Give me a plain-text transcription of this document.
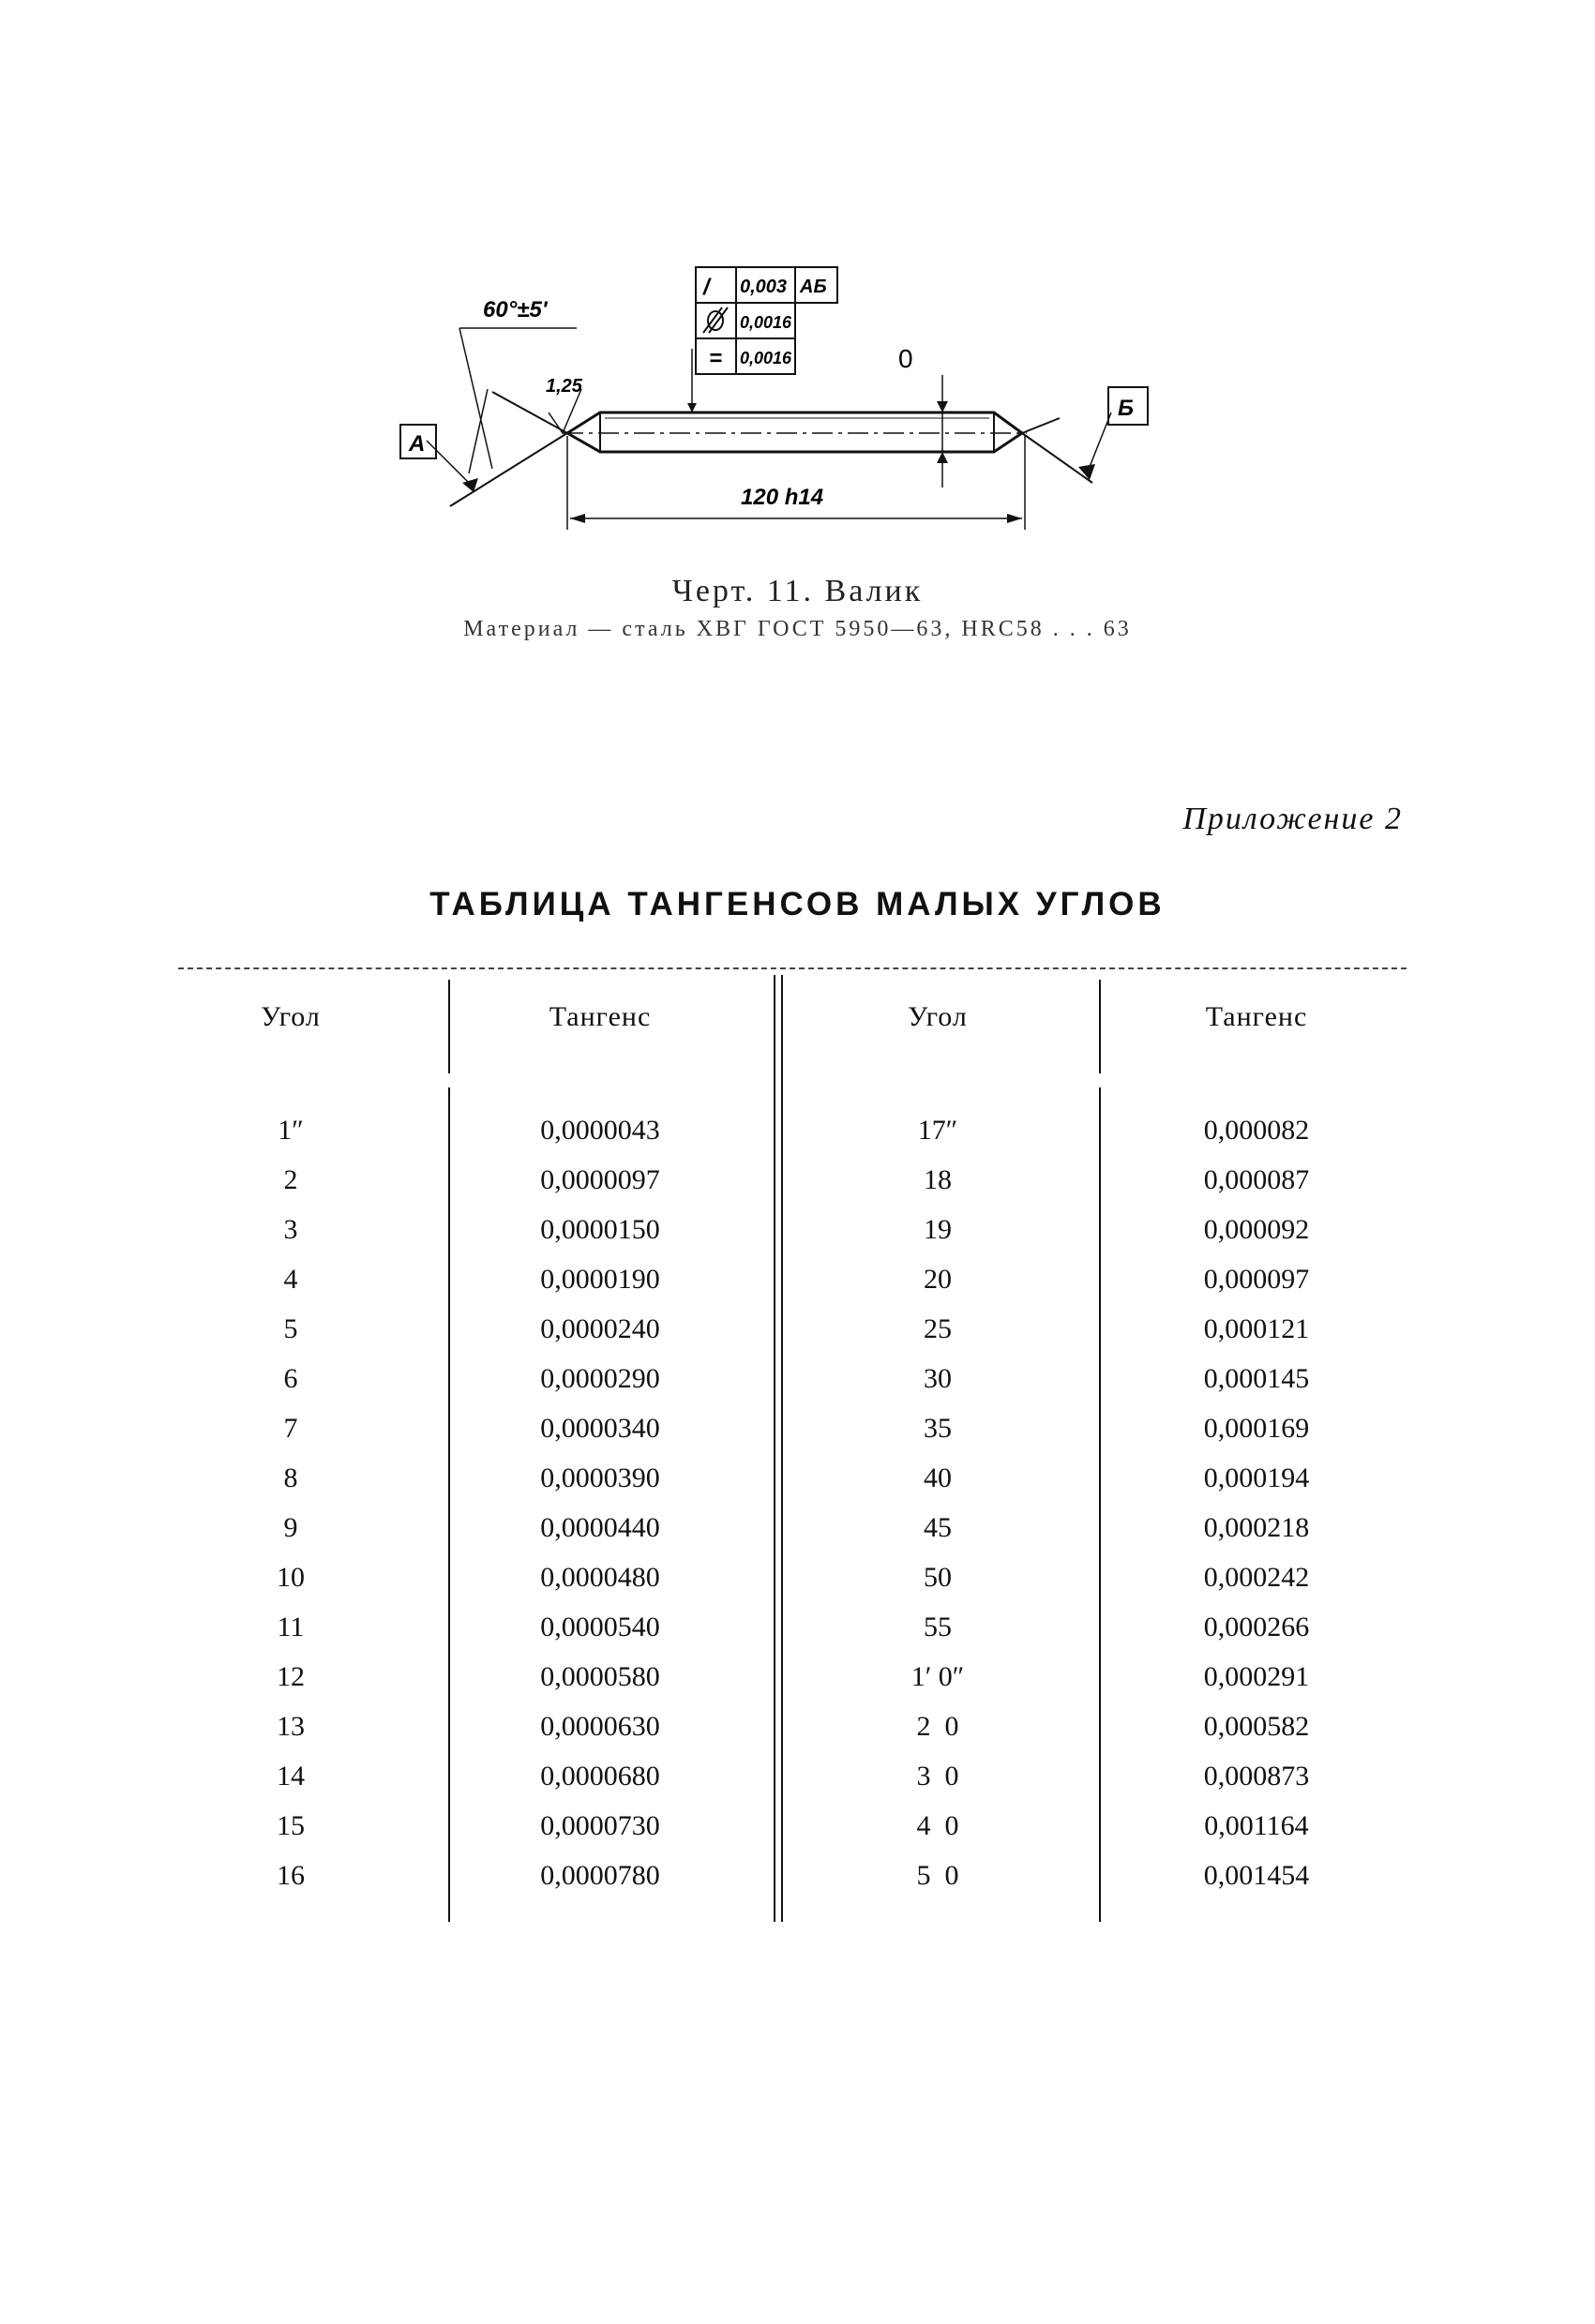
60°±5'
1,25
/ 0,003 АБ
0,0016
= 0,0016	0
А
Б
120 h14
Черт. 11. Валик
Материал — сталь ХВГ ГОСТ 5950—63, HRC58 . . . 63
Приложение 2
ТАБЛИЦА ТАНГЕНСОВ МАЛЫХ УГЛОВ
Угол	Тангенс	Угол	Тангенс
1″	0,0000043	17″	0,000082
2	0,0000097	18	0,000087
3	0,0000150	19	0,000092
4	0,0000190	20	0,000097
5	0,0000240	25	0,000121
6	0,0000290	30	0,000145
7	0,0000340	35	0,000169
8	0,0000390	40	0,000194
9	0,0000440	45	0,000218
10	0,0000480	50	0,000242
11	0,0000540	55	0,000266
12	0,0000580	1′ 0″	0,000291
13	0,0000630	2  0	0,000582
14	0,0000680	3  0	0,000873
15	0,0000730	4  0	0,001164
16	0,0000780	5  0	0,001454
